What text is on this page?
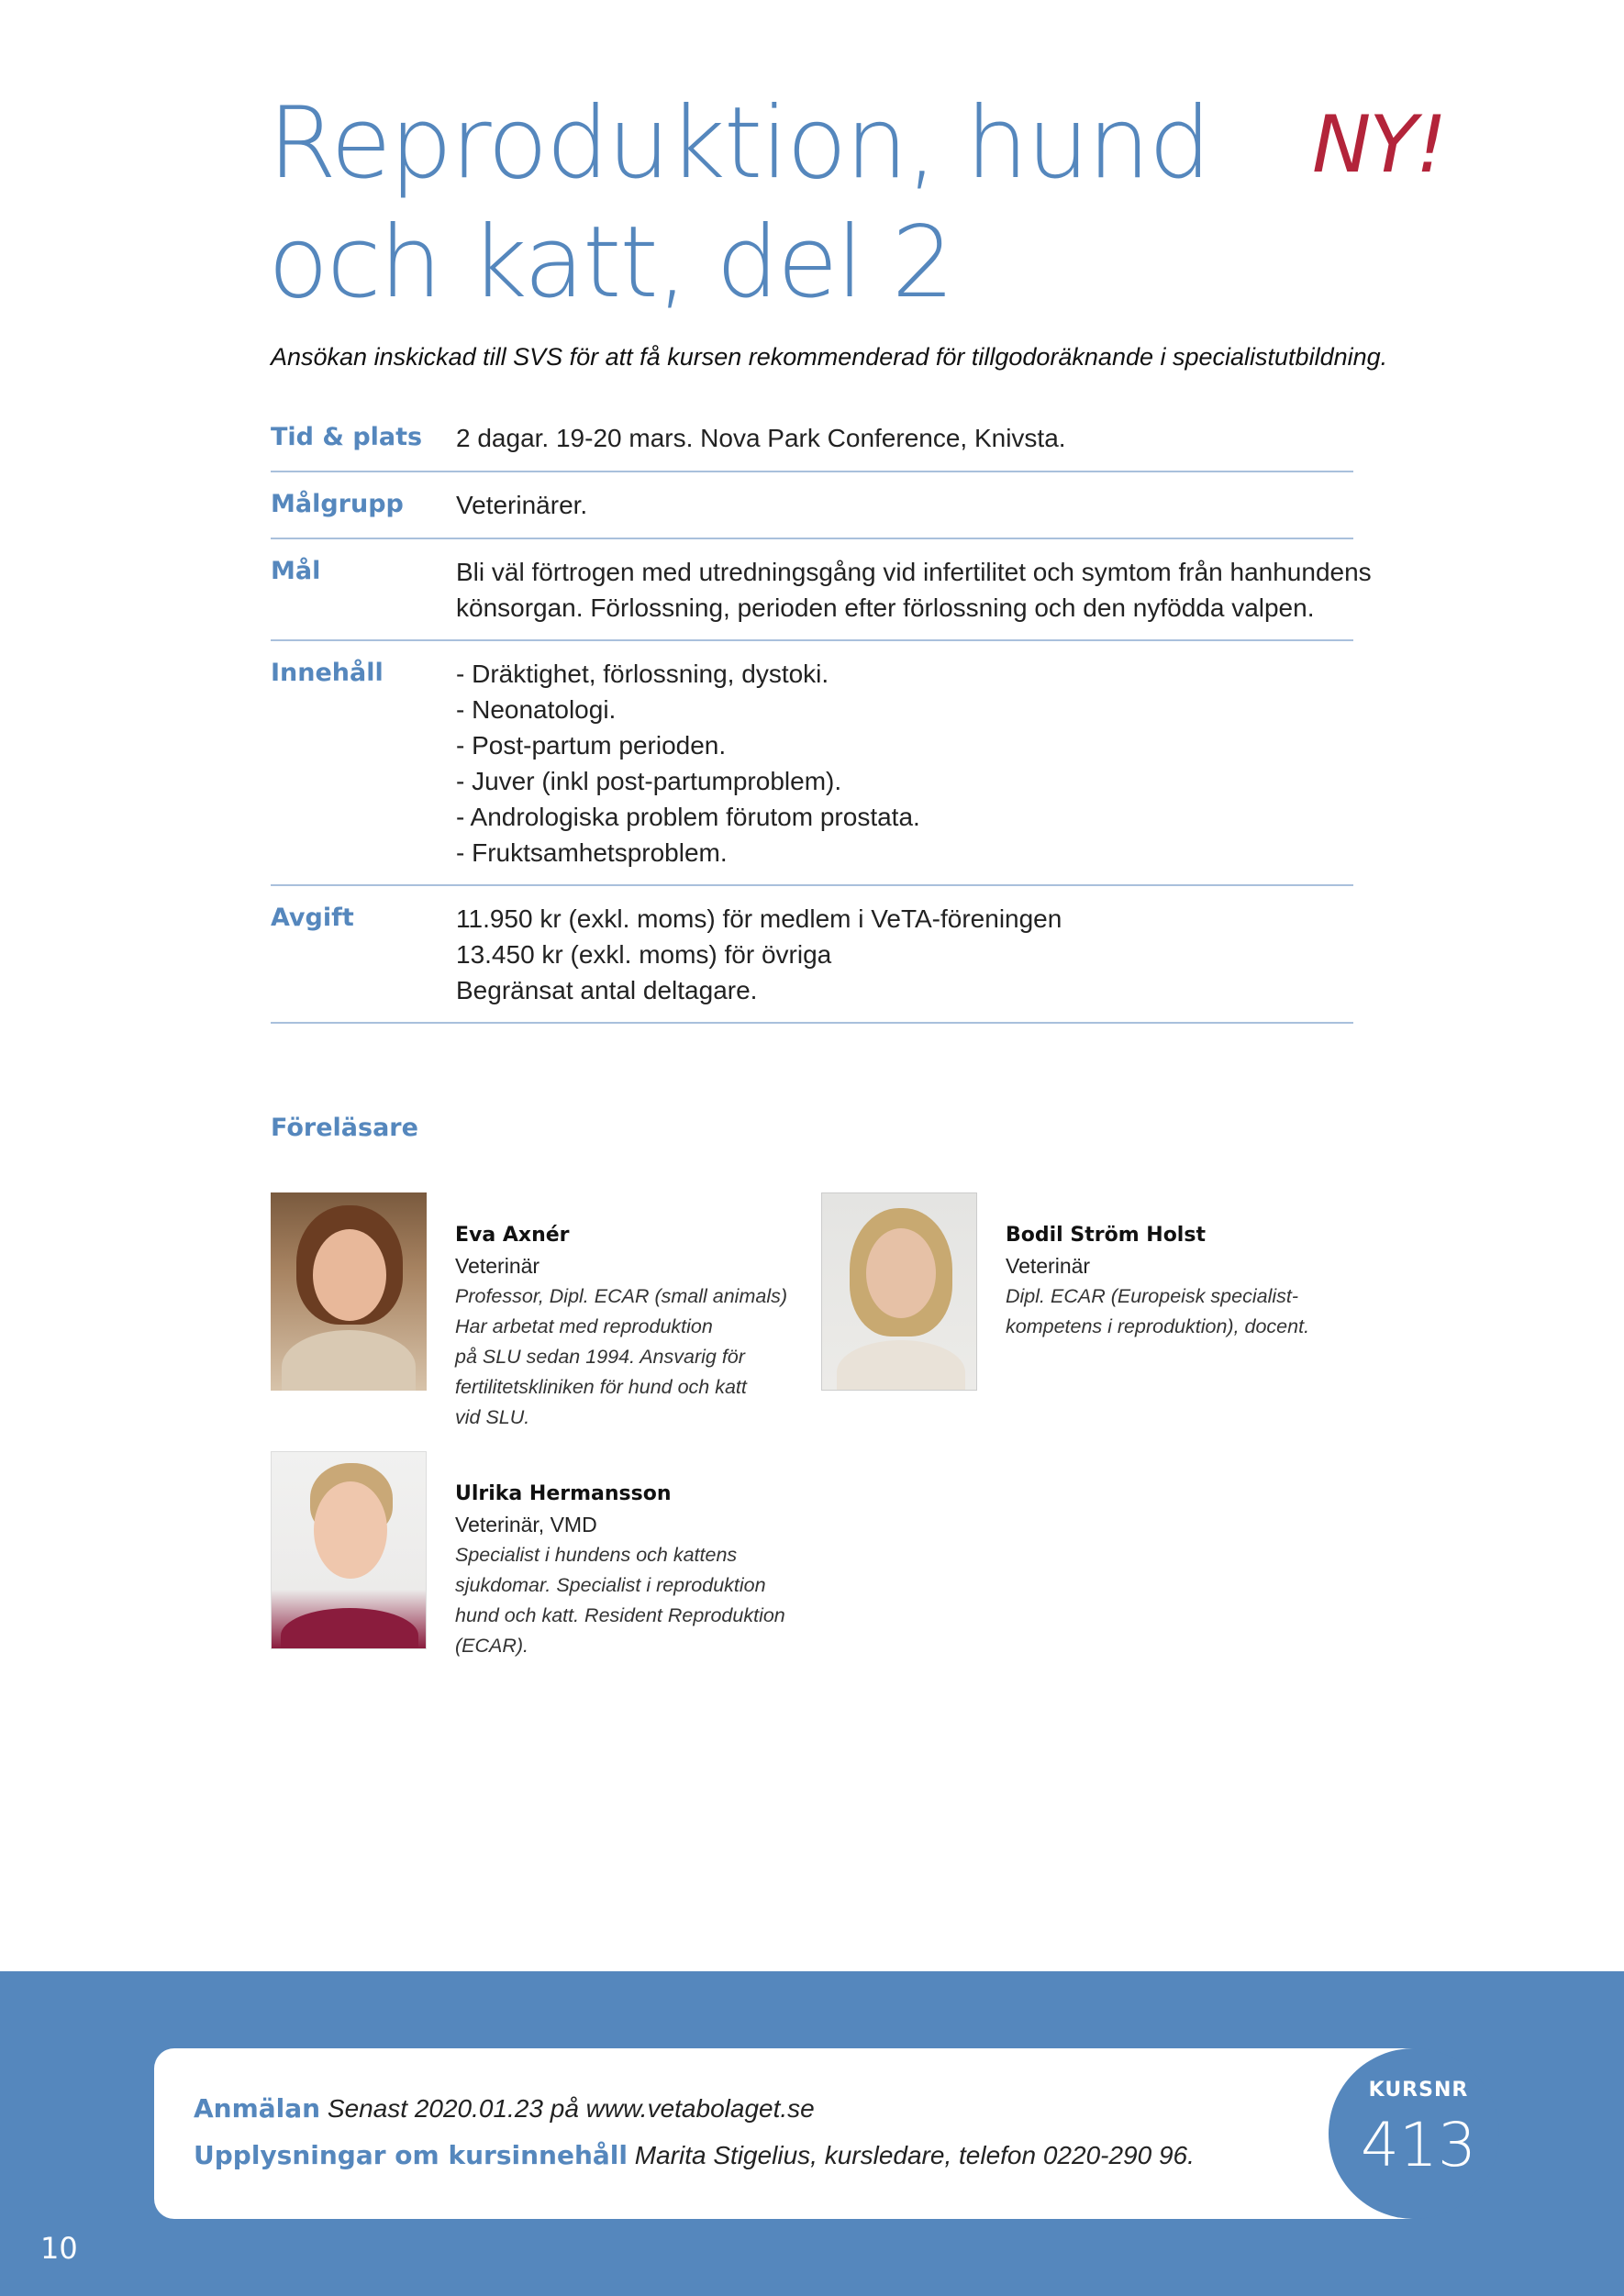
Reproduktion, hund
och katt, del 2
NY!
Ansökan inskickad till SVS för att få kursen rekommenderad för tillgodoräknande i specialistutbildning.
Tid & plats	2 dagar. 19-20 mars. Nova Park Conference, Knivsta.
Målgrupp	Veterinärer.
Mål	Bli väl förtrogen med utredningsgång vid infertilitet och symtom från hanhundens
könsorgan. Förlossning, perioden efter förlossning och den nyfödda valpen.
Innehåll	- Dräktighet, förlossning, dystoki.
- Neonatologi.
- Post-partum perioden.
- Juver (inkl post-partumproblem).
- Andrologiska problem förutom prostata.
- Fruktsamhetsproblem.
Avgift	11.950 kr (exkl. moms) för medlem i VeTA-föreningen
13.450 kr (exkl. moms) för övriga
Begränsat antal deltagare.
Föreläsare
Eva Axnér
Veterinär
Professor, Dipl. ECAR (small animals)
Har arbetat med reproduktion
på SLU sedan 1994. Ansvarig för
fertilitetskliniken för hund och katt
vid SLU.
Bodil Ström Holst
Veterinär
Dipl. ECAR (Europeisk specialist-
kompetens i reproduktion), docent.
Ulrika Hermansson
Veterinär, VMD
Specialist i hundens och kattens
sjukdomar. Specialist i reproduktion
hund och katt. Resident Reproduktion
(ECAR).
Anmälan Senast 2020.01.23 på www.vetabolaget.se
Upplysningar om kursinnehåll Marita Stigelius, kursledare, telefon 0220-290 96.
KURSNR
413
10
